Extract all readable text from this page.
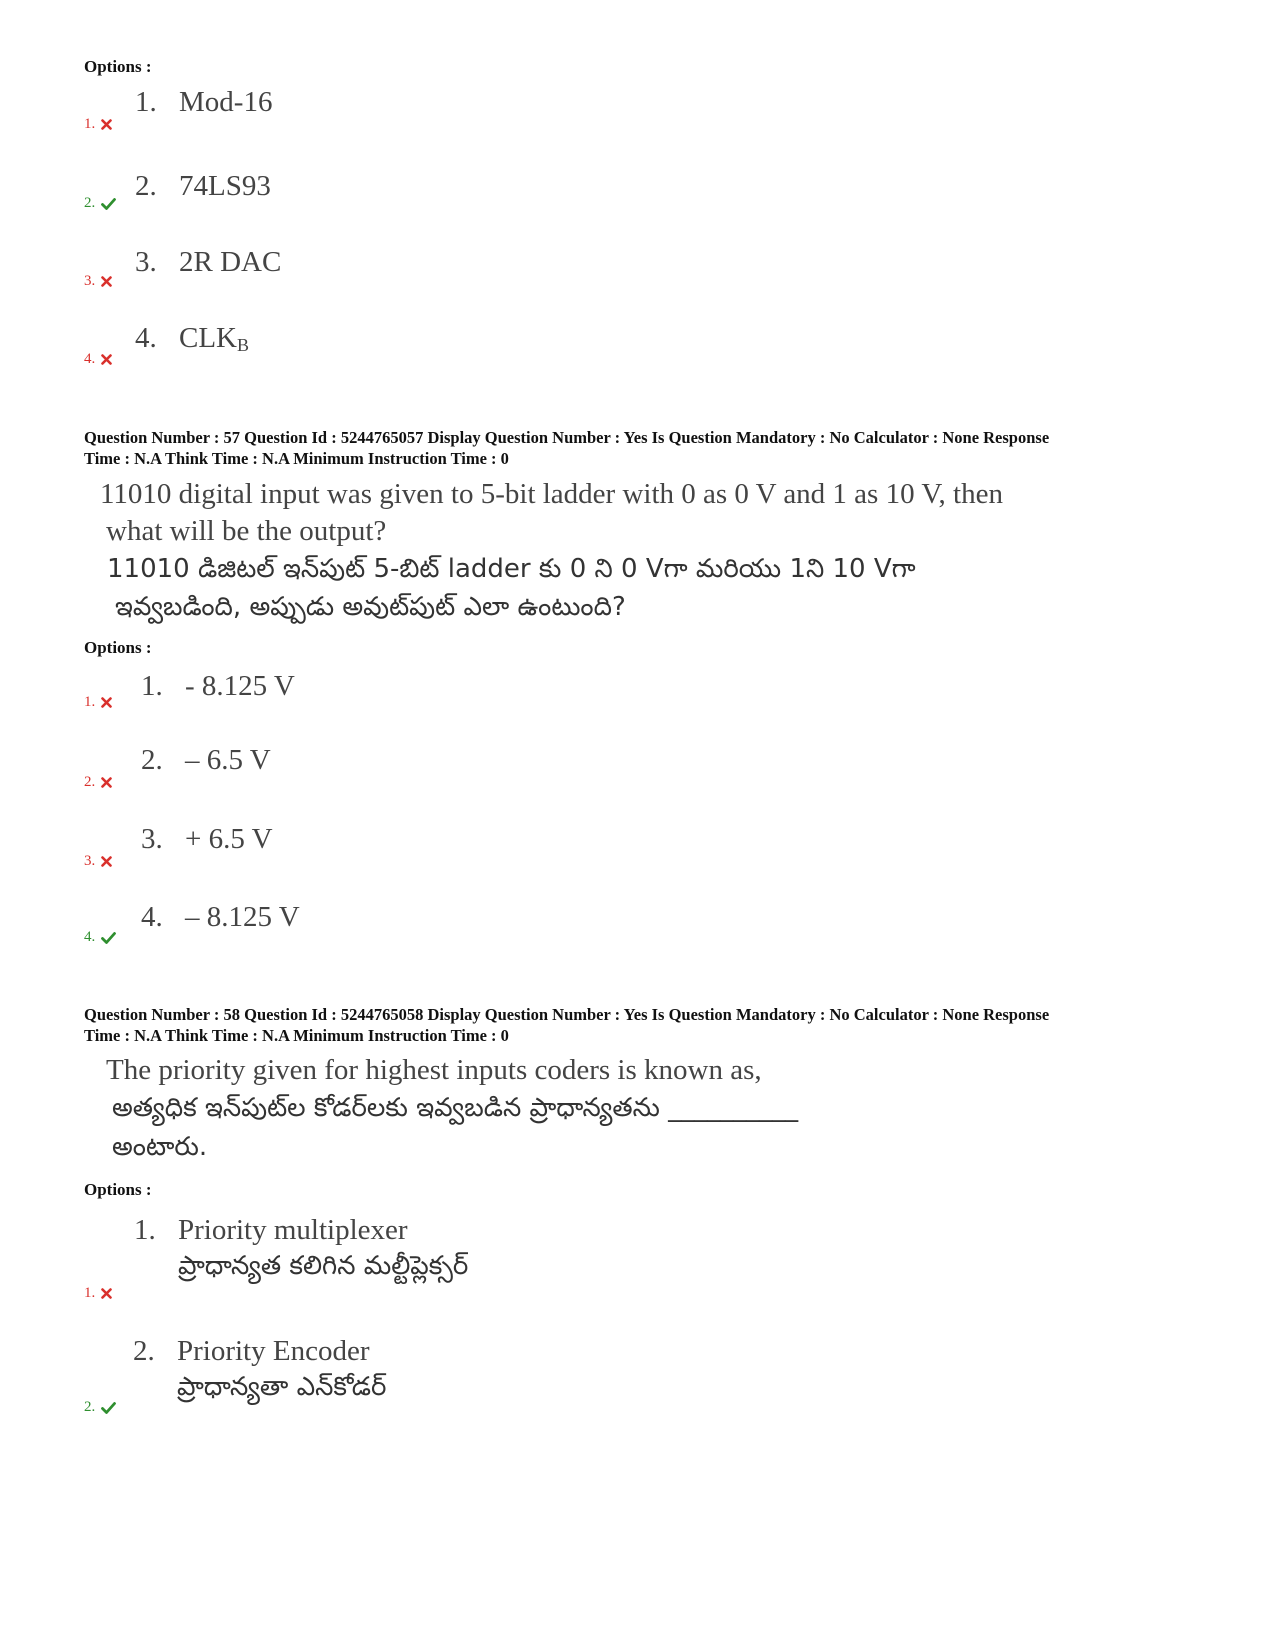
Options :
1.
1. Mod-16
2.
2. 74LS93
3.
3. 2R DAC
4.
4. $CLK_B$
Question Number : 57 Question Id : 5244765057 Display Question Number : Yes Is Question Mandatory : No Calculator : None Response
Time : N.A Think Time : N.A Minimum Instruction Time : 0
11010 digital input was given to 5-bit ladder with 0 as 0 V and 1 as 10 V, then
what will be the output?
11010 డిజిటల్ ఇన్‌పుట్ 5-బిట్ ladder కు 0 ని 0 Vగా మరియు 1ని 10 Vగా
ఇవ్వబడింది, అప్పుడు అవుట్‌పుట్ ఎలా ఉంటుంది?
Options :
1. 1. - 8.125 V
2.
2. – 6.5 V
3.
3. + 6.5 V
4.
4. – 8.125 V
Question Number : 58 Question Id : 5244765058 Display Question Number : Yes Is Question Mandatory : No Calculator : None Response
Time : N.A Think Time : N.A Minimum Instruction Time : 0
The priority given for highest inputs coders is known as,
అత్యధిక ఇన్‌పుట్‌ల కోడర్‌లకు ఇవ్వబడిన ప్రాధాన్యతను __________
అంటారు.
Options :
1.
1. Priority multiplexer
ప్రాధాన్యత కలిగిన మల్టీప్లెక్సర్
2.
2. Priority Encoder
ప్రాధాన్యతా ఎన్‌కోడర్
